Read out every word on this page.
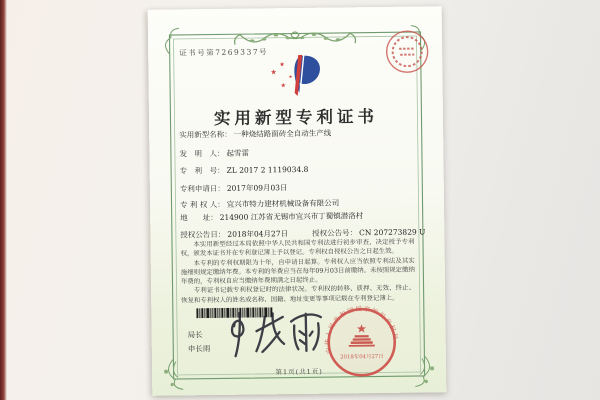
证书号第7269337号
★
★
★
★
实用新型专利证书
实用新型名称： 一种烧结路面砖全自动生产线
发　明　人： 起雪雷
专　利　号： ZL 2017 2 1119034.8
专利申请日： 2017年09月03日
专 利 权 人： 宜兴市特力建材机械设备有限公司
地　　址： 214900 江苏省无锡市宜兴市丁蜀镇潜洛村
授权公告日： 2018年04月27日	授权公告号： CN 207273829 U

本实用新型经过本局依照中华人民共和国专利法进行初步审查，决定授予专利权，颁发本证书并在专利登记簿上予以登记。专利权自授权公告之日起生效。

本专利的专利权期限为十年，自申请日起算。专利权人应当依照专利法及其实施细则规定缴纳年费。本专利的年费应当在每年09月03日前缴纳。未按照规定缴纳年费的，专利权自应当缴纳年费期满之日起终止。

专利证书记载专利权登记时的法律状况。专利权的转移、质押、无效、终止、恢复和专利权人的姓名或名称、国籍、地址变更等事项记载在专利登记簿上。

局长
申长雨	中华人民共和国国家知识产权局
2018年04月27日
第1页(共1页)
